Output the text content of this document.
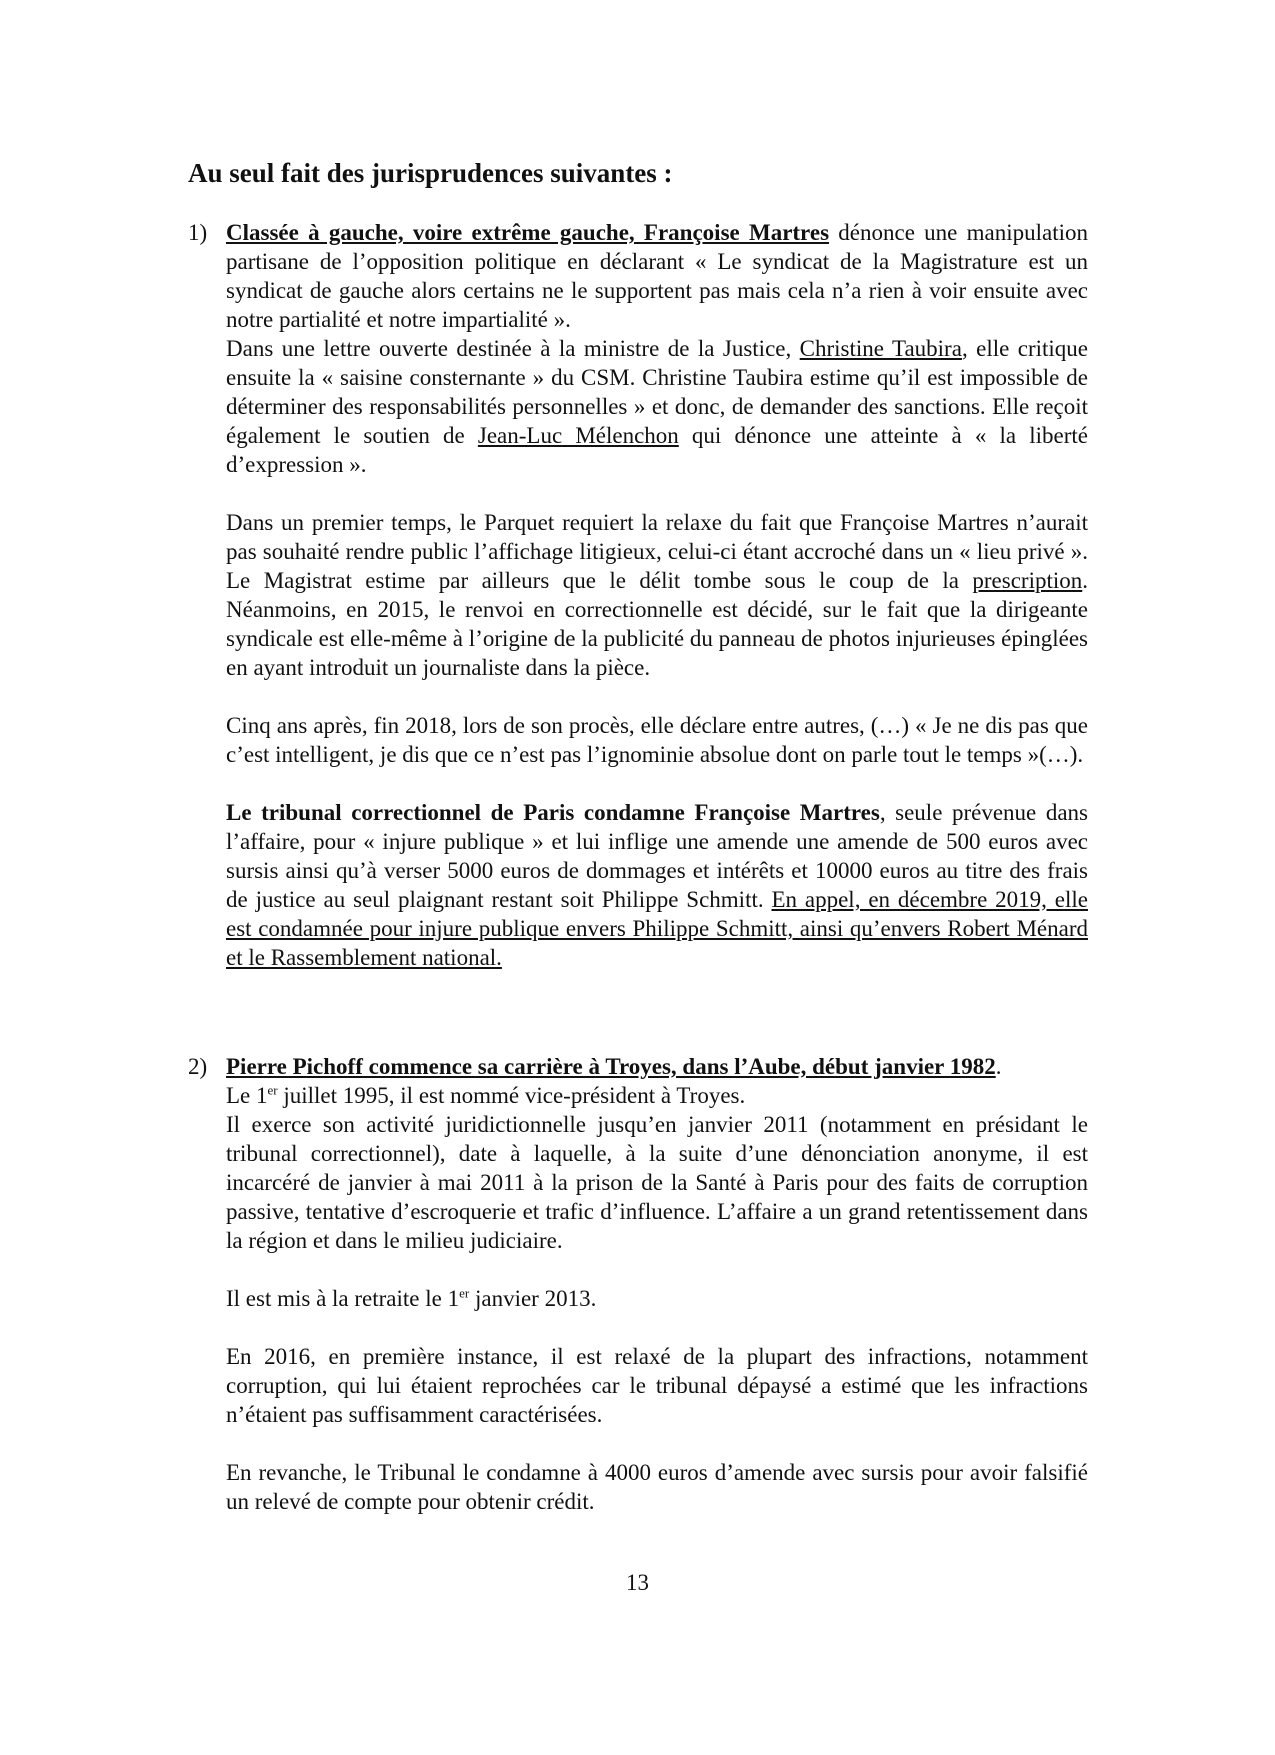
Au seul fait des jurisprudences suivantes :
1) Classée à gauche, voire extrême gauche, Françoise Martres dénonce une manipulation partisane de l’opposition politique en déclarant « Le syndicat de la Magistrature est un syndicat de gauche alors certains ne le supportent pas mais cela n’a rien à voir ensuite avec notre partialité et notre impartialité ».

Dans une lettre ouverte destinée à la ministre de la Justice, Christine Taubira, elle critique ensuite la « saisine consternante » du CSM. Christine Taubira estime qu’il est impossible de déterminer des responsabilités personnelles » et donc, de demander des sanctions. Elle reçoit également le soutien de Jean-Luc Mélenchon qui dénonce une atteinte à « la liberté d’expression ».

Dans un premier temps, le Parquet requiert la relaxe du fait que Françoise Martres n’aurait pas souhaité rendre public l’affichage litigieux, celui-ci étant accroché dans un « lieu privé ». Le Magistrat estime par ailleurs que le délit tombe sous le coup de la prescription. Néanmoins, en 2015, le renvoi en correctionnelle est décidé, sur le fait que la dirigeante syndicale est elle-même à l’origine de la publicité du panneau de photos injurieuses épinglées en ayant introduit un journaliste dans la pièce.

Cinq ans après, fin 2018, lors de son procès, elle déclare entre autres, (…) « Je ne dis pas que c’est intelligent, je dis que ce n’est pas l’ignominie absolue dont on parle tout le temps »(…).

Le tribunal correctionnel de Paris condamne Françoise Martres, seule prévenue dans l’affaire, pour « injure publique » et lui inflige une amende une amende de 500 euros avec sursis ainsi qu’à verser 5000 euros de dommages et intérêts et 10000 euros au titre des frais de justice au seul plaignant restant soit Philippe Schmitt. En appel, en décembre 2019, elle est condamnée pour injure publique envers Philippe Schmitt, ainsi qu’envers Robert Ménard et le Rassemblement national.

2) Pierre Pichoff commence sa carrière à Troyes, dans l’Aube, début janvier 1982.
Le 1er juillet 1995, il est nommé vice-président à Troyes.
Il exerce son activité juridictionnelle jusqu’en janvier 2011 (notamment en présidant le tribunal correctionnel), date à laquelle, à la suite d’une dénonciation anonyme, il est incarcéré de janvier à mai 2011 à la prison de la Santé à Paris pour des faits de corruption passive, tentative d’escroquerie et trafic d’influence. L’affaire a un grand retentissement dans la région et dans le milieu judiciaire.

Il est mis à la retraite le 1er janvier 2013.

En 2016, en première instance, il est relaxé de la plupart des infractions, notamment corruption, qui lui étaient reprochées car le tribunal dépaysé a estimé que les infractions n’étaient pas suffisamment caractérisées.

En revanche, le Tribunal le condamne à 4000 euros d’amende avec sursis pour avoir falsifié un relevé de compte pour obtenir crédit.

13
